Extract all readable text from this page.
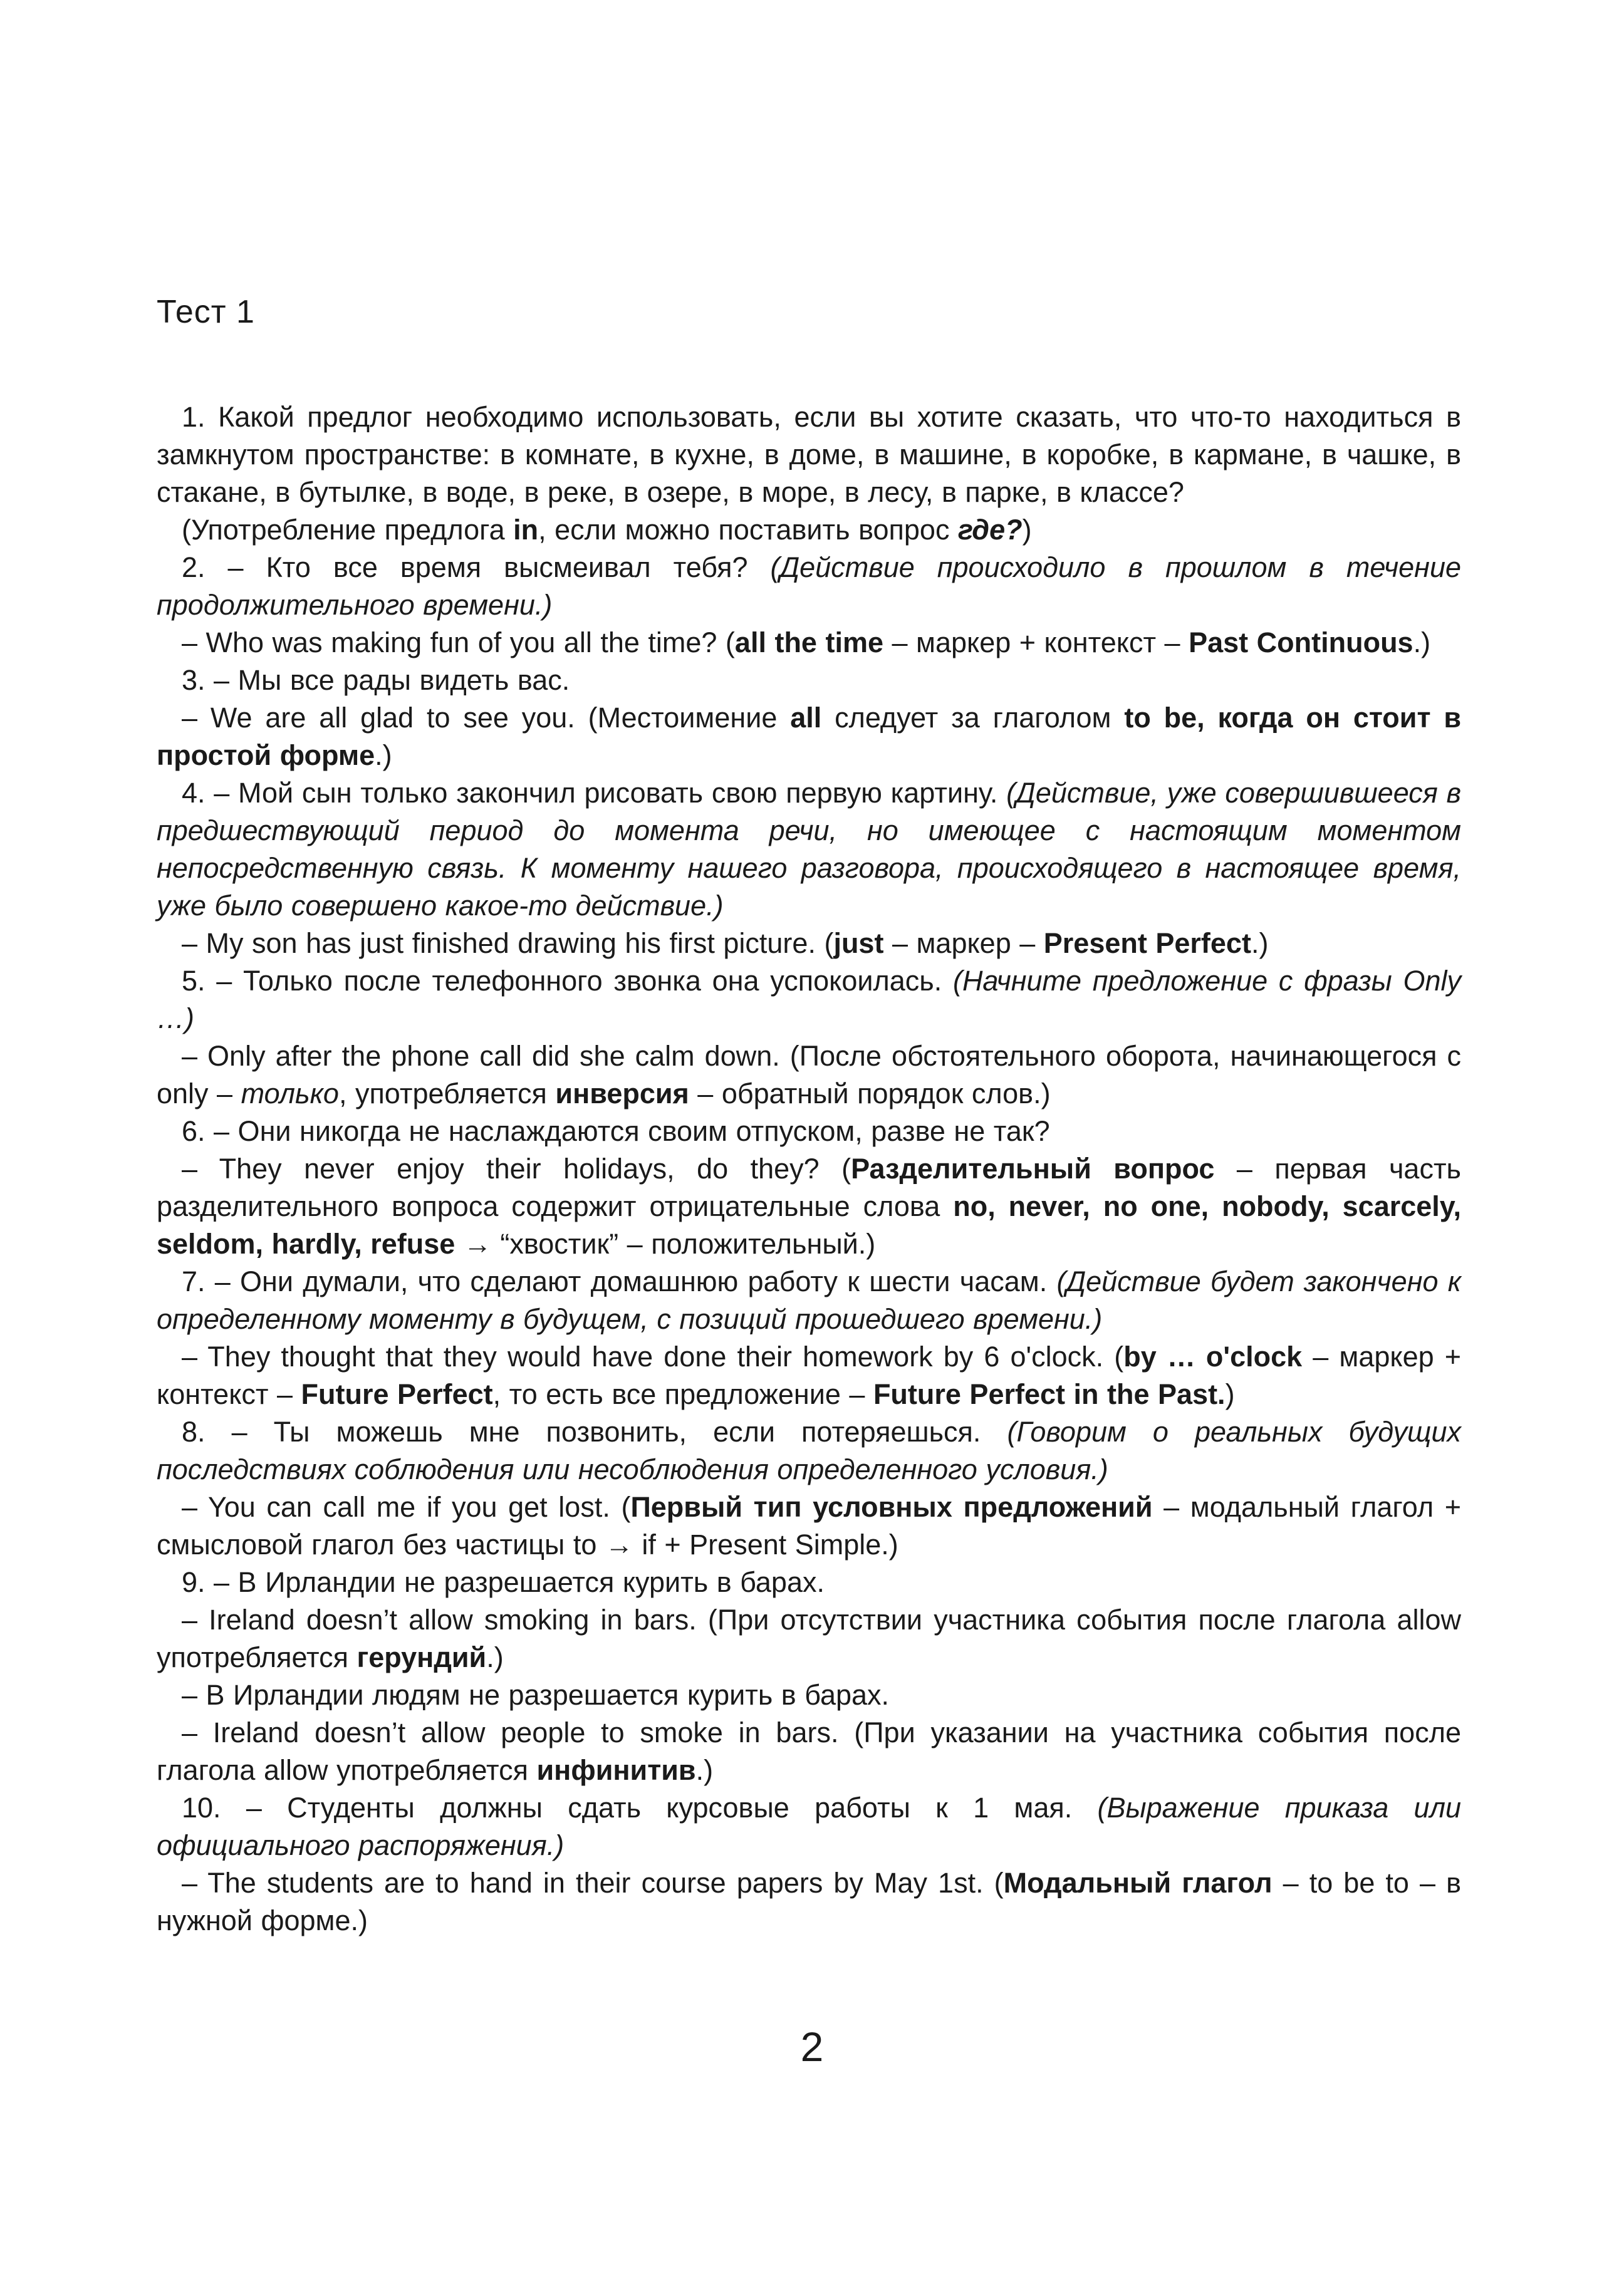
Тест 1

1. Какой предлог необходимо использовать, если вы хотите сказать, что что-то находиться в замкнутом пространстве: в комнате, в кухне, в доме, в машине, в коробке, в кармане, в чашке, в стакане, в бутылке, в воде, в реке, в озере, в море, в лесу, в парке, в классе?

(Употребление предлога in, если можно поставить вопрос где?)

2. – Кто все время высмеивал тебя? (Действие происходило в прошлом в течение продолжительного времени.)

– Who was making fun of you all the time? (all the time – маркер + контекст – Past Continuous.)

3. – Мы все рады видеть вас.

– We are all glad to see you. (Местоимение all следует за глаголом to be, когда он стоит в простой форме.)

4. – Мой сын только закончил рисовать свою первую картину. (Действие, уже совершившееся в предшествующий период до момента речи, но имеющее с настоящим моментом непосредственную связь. К моменту нашего разговора, происходящего в настоящее время, уже было совершено какое-то действие.)

– My son has just finished drawing his first picture. (just – маркер – Present Perfect.)

5. – Только после телефонного звонка она успокоилась. (Начните предложение с фразы Only …)

– Only after the phone call did she calm down. (После обстоятельного оборота, начинающегося с only – только, употребляется инверсия – обратный порядок слов.)

6. – Они никогда не наслаждаются своим отпуском, разве не так?

– They never enjoy their holidays, do they? (Разделительный вопрос – первая часть разделительного вопроса содержит отрицательные слова no, never, no one, nobody, scarcely, seldom, hardly, refuse → “хвостик” – положительный.)

7. – Они думали, что сделают домашнюю работу к шести часам. (Действие будет закончено к определенному моменту в будущем, с позиций прошедшего времени.)

– They thought that they would have done their homework by 6 o'clock. (by … o'clock – маркер + контекст – Future Perfect, то есть все предложение – Future Perfect in the Past.)

8. – Ты можешь мне позвонить, если потеряешься. (Говорим о реальных будущих последствиях соблюдения или несоблюдения определенного условия.)

– You can call me if you get lost. (Первый тип условных предложений – модальный глагол + смысловой глагол без частицы to → if + Present Simple.)

9. – В Ирландии не разрешается курить в барах.

– Ireland doesn’t allow smoking in bars. (При отсутствии участника события после глагола allow употребляется герундий.)

– В Ирландии людям не разрешается курить в барах.

– Ireland doesn’t allow people to smoke in bars. (При указании на участника события после глагола allow употребляется инфинитив.)

10. – Студенты должны сдать курсовые работы к 1 мая. (Выражение приказа или официального распоряжения.)

– The students are to hand in their course papers by May 1st. (Модальный глагол – to be to – в нужной форме.)

2
